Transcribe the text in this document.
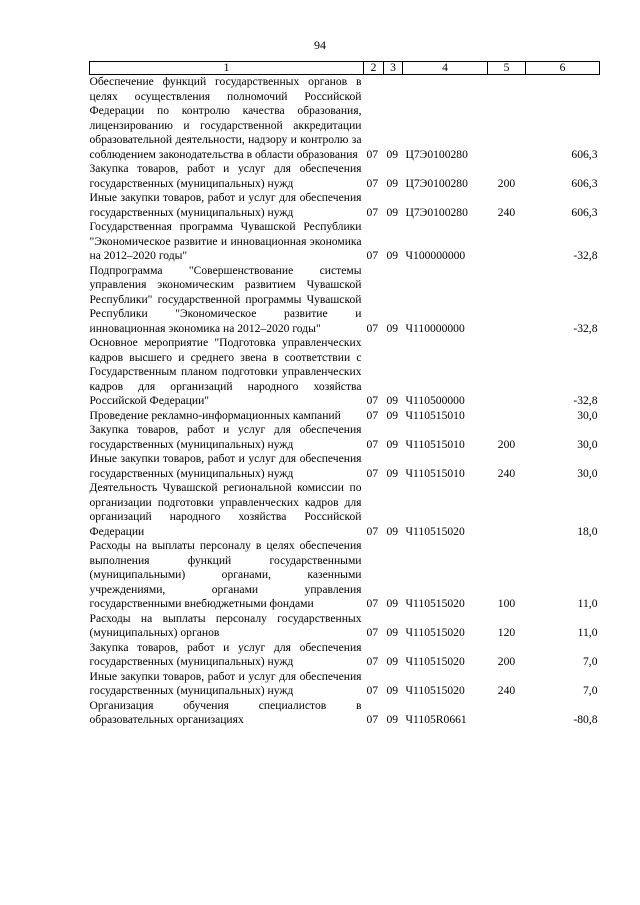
94
1	2	3	4	5	6
Обеспечение функций государственных органов в целях осуществления полномочий Российской Федерации по контролю качества образования, лицензированию и государственной аккредитации образовательной деятельности, надзору и контролю за соблюдением законодательства в области образования	07	09	Ц7Э0100280		606,3
Закупка товаров, работ и услуг для обеспечения государственных (муниципальных) нужд	07	09	Ц7Э0100280	200	606,3
Иные закупки товаров, работ и услуг для обеспечения государственных (муниципальных) нужд	07	09	Ц7Э0100280	240	606,3
Государственная программа Чувашской Республики "Экономическое развитие и инновационная экономика на 2012–2020 годы"	07	09	Ч100000000		-32,8
Подпрограмма "Совершенствование системы управления экономическим развитием Чувашской Республики" государственной программы Чувашской Республики "Экономическое развитие и инновационная экономика на 2012–2020 годы"	07	09	Ч110000000		-32,8
Основное мероприятие "Подготовка управленческих кадров высшего и среднего звена в соответствии с Государственным планом подготовки управленческих кадров для организаций народного хозяйства Российской Федерации"	07	09	Ч110500000		-32,8
Проведение рекламно-информационных кампаний	07	09	Ч110515010		30,0
Закупка товаров, работ и услуг для обеспечения государственных (муниципальных) нужд	07	09	Ч110515010	200	30,0
Иные закупки товаров, работ и услуг для обеспечения государственных (муниципальных) нужд	07	09	Ч110515010	240	30,0
Деятельность Чувашской региональной комиссии по организации подготовки управленческих кадров для организаций народного хозяйства Российской Федерации	07	09	Ч110515020		18,0
Расходы на выплаты персоналу в целях обеспечения выполнения функций государственными (муниципальными) органами, казенными учреждениями, органами управления государственными внебюджетными фондами	07	09	Ч110515020	100	11,0
Расходы на выплаты персоналу государственных (муниципальных) органов	07	09	Ч110515020	120	11,0
Закупка товаров, работ и услуг для обеспечения государственных (муниципальных) нужд	07	09	Ч110515020	200	7,0
Иные закупки товаров, работ и услуг для обеспечения государственных (муниципальных) нужд	07	09	Ч110515020	240	7,0
Организация обучения специалистов в образовательных организациях	07	09	Ч1105R0661		-80,8
